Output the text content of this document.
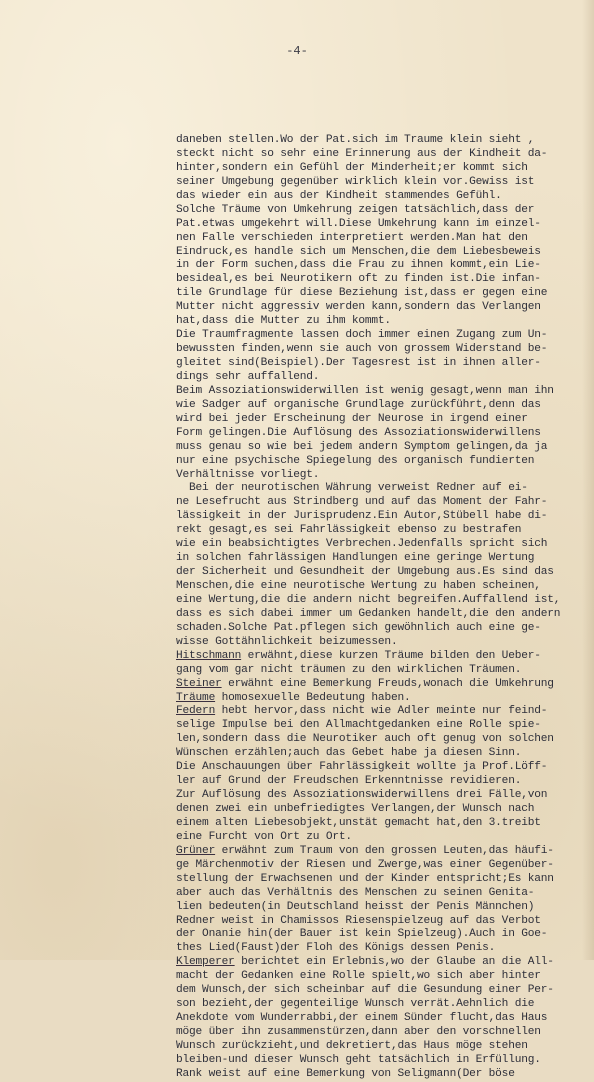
-4-
daneben stellen.Wo der Pat.sich im Traume klein sieht ,
steckt nicht so sehr eine Erinnerung aus der Kindheit da-
hinter,sondern ein Gefühl der Minderheit;er kommt sich
seiner Umgebung gegenüber wirklich klein vor.Gewiss ist
das wieder ein aus der Kindheit stammendes Gefühl.
Solche Träume von Umkehrung zeigen tatsächlich,dass der
Pat.etwas umgekehrt will.Diese Umkehrung kann im einzel-
nen Falle verschieden interpretiert werden.Man hat den
Eindruck,es handle sich um Menschen,die dem Liebesbeweis
in der Form suchen,dass die Frau zu ihnen kommt,ein Lie-
besideal,es bei Neurotikern oft zu finden ist.Die infan-
tile Grundlage für diese Beziehung ist,dass er gegen eine
Mutter nicht aggressiv werden kann,sondern das Verlangen
hat,dass die Mutter zu ihm kommt.
Die Traumfragmente lassen doch immer einen Zugang zum Un-
bewussten finden,wenn sie auch von grossem Widerstand be-
gleitet sind(Beispiel).Der Tagesrest ist in ihnen aller-
dings sehr auffallend.
Beim Assoziationswiderwillen ist wenig gesagt,wenn man ihn
wie Sadger auf organische Grundlage zurückführt,denn das
wird bei jeder Erscheinung der Neurose in irgend einer
Form gelingen.Die Auflösung des Assoziationswiderwillens
muss genau so wie bei jedem andern Symptom gelingen,da ja
nur eine psychische Spiegelung des organisch fundierten
Verhältnisse vorliegt.
Bei der neurotischen Währung verweist Redner auf ei-
ne Lesefrucht aus Strindberg und auf das Moment der Fahr-
lässigkeit in der Jurisprudenz.Ein Autor,Stübell habe di-
rekt gesagt,es sei Fahrlässigkeit ebenso zu bestrafen
wie ein beabsichtigtes Verbrechen.Jedenfalls spricht sich
in solchen fahrlässigen Handlungen eine geringe Wertung
der Sicherheit und Gesundheit der Umgebung aus.Es sind das
Menschen,die eine neurotische Wertung zu haben scheinen,
eine Wertung,die die andern nicht begreifen.Auffallend ist,
dass es sich dabei immer um Gedanken handelt,die den andern
schaden.Solche Pat.pflegen sich gewöhnlich auch eine ge-
wisse Gottähnlichkeit beizumessen.
Hitschmann erwähnt,diese kurzen Träume bilden den Ueber-
gang vom gar nicht träumen zu den wirklichen Träumen.
Steiner erwähnt eine Bemerkung Freuds,wonach die Umkehrung
Träume homosexuelle Bedeutung haben.
Federn hebt hervor,dass nicht wie Adler meinte nur feind-
selige Impulse bei den Allmachtgedanken eine Rolle spie-
len,sondern dass die Neurotiker auch oft genug von solchen
Wünschen erzählen;auch das Gebet habe ja diesen Sinn.
Die Anschauungen über Fahrlässigkeit wollte ja Prof.Löff-
ler auf Grund der Freudschen Erkenntnisse revidieren.
Zur Auflösung des Assoziationswiderwillens drei Fälle,von
denen zwei ein unbefriedigtes Verlangen,der Wunsch nach
einem alten Liebesobjekt,unstät gemacht hat,den 3.treibt
eine Furcht von Ort zu Ort.
Grüner erwähnt zum Traum von den grossen Leuten,das häufi-
ge Märchenmotiv der Riesen und Zwerge,was einer Gegenüber-
stellung der Erwachsenen und der Kinder entspricht;Es kann
aber auch das Verhältnis des Menschen zu seinen Genita-
lien bedeuten(in Deutschland heisst der Penis Männchen)
Redner weist in Chamissos Riesenspielzeug auf das Verbot
der Onanie hin(der Bauer ist kein Spielzeug).Auch in Goe-
thes Lied(Faust)der Floh des Königs dessen Penis.
Klemperer berichtet ein Erlebnis,wo der Glaube an die All-
macht der Gedanken eine Rolle spielt,wo sich aber hinter
dem Wunsch,der sich scheinbar auf die Gesundung einer Per-
son bezieht,der gegenteilige Wunsch verrät.Aehnlich die
Anekdote vom Wunderrabbi,der einem Sünder flucht,das Haus
möge über ihn zusammenstürzen,dann aber den vorschnellen
Wunsch zurückzieht,und dekretiert,das Haus möge stehen
bleiben-und dieser Wunsch geht tatsächlich in Erfüllung.
Rank weist auf eine Bemerkung von Seligmann(Der böse
